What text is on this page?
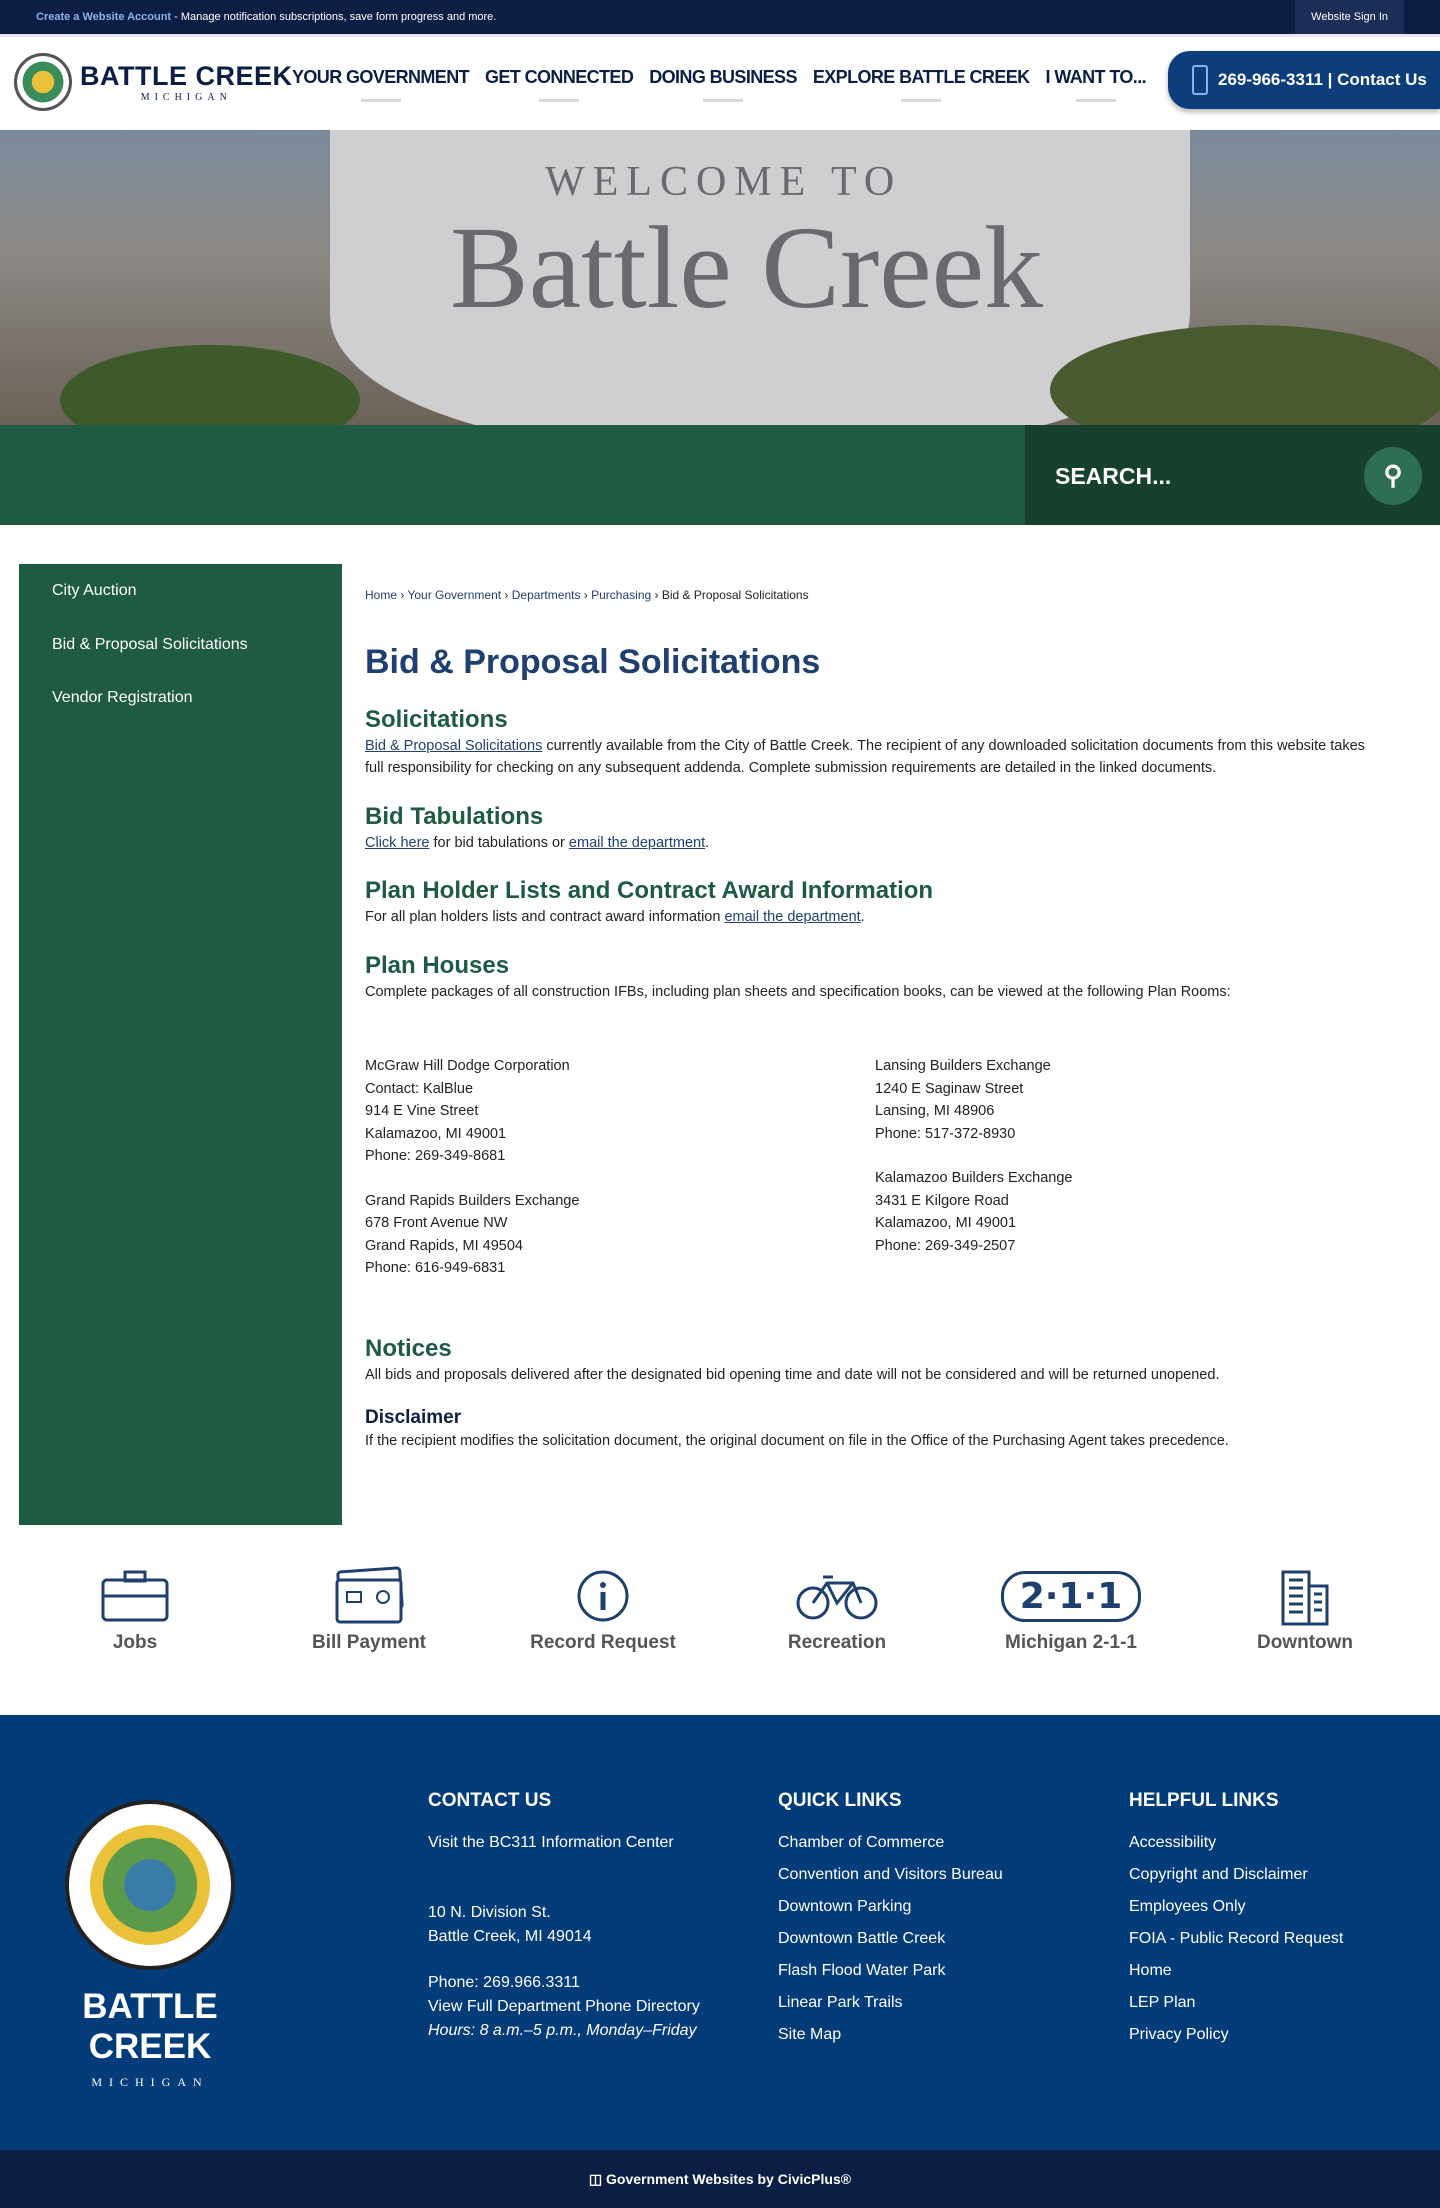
Create a Website Account - Manage notification subscriptions, save form progress and more.	Website Sign In
BATTLE CREEK
MICHIGAN
YOUR GOVERNMENT GET CONNECTED DOING BUSINESS EXPLORE BATTLE CREEK I WANT TO...	269-966-3311 | Contact Us
WELCOME TO
Battle Creek
SEARCH...	⚲
City Auction
Bid & Proposal Solicitations
Vendor Registration
Home › Your Government › Departments › Purchasing › Bid & Proposal Solicitations
Bid & Proposal Solicitations
Solicitations

Bid & Proposal Solicitations currently available from the City of Battle Creek. The recipient of any downloaded solicitation documents from this website takes full responsibility for checking on any subsequent addenda. Complete submission requirements are detailed in the linked documents.

Bid Tabulations

Click here for bid tabulations or email the department.

Plan Holder Lists and Contract Award Information

For all plan holders lists and contract award information email the department.

Plan Houses

Complete packages of all construction IFBs, including plan sheets and specification books, can be viewed at the following Plan Rooms:

McGraw Hill Dodge Corporation
Contact: KalBlue
914 E Vine Street
Kalamazoo, MI 49001
Phone: 269-349-8681
Grand Rapids Builders Exchange
678 Front Avenue NW
Grand Rapids, MI 49504
Phone: 616-949-6831
Lansing Builders Exchange
1240 E Saginaw Street
Lansing, MI 48906
Phone: 517-372-8930
Kalamazoo Builders Exchange
3431 E Kilgore Road
Kalamazoo, MI 49001
Phone: 269-349-2507
Notices

All bids and proposals delivered after the designated bid opening time and date will not be considered and will be returned unopened.

Disclaimer

If the recipient modifies the solicitation document, the original document on file in the Office of the Purchasing Agent takes precedence.

Jobs	Bill Payment	Record Request	Recreation
2·1·1
Michigan 2-1-1	Downtown
BATTLE CREEK
MICHIGAN
CONTACT US
Visit the BC311 Information Center
10 N. Division St.
Battle Creek, MI 49014
Phone: 269.966.3311
View Full Department Phone Directory
Hours: 8 a.m.–5 p.m., Monday–Friday
QUICK LINKS
Chamber of Commerce
Convention and Visitors Bureau
Downtown Parking
Downtown Battle Creek
Flash Flood Water Park
Linear Park Trails
Site Map
HELPFUL LINKS
Accessibility
Copyright and Disclaimer
Employees Only
FOIA - Public Record Request
Home
LEP Plan
Privacy Policy
◫ Government Websites by CivicPlus®
